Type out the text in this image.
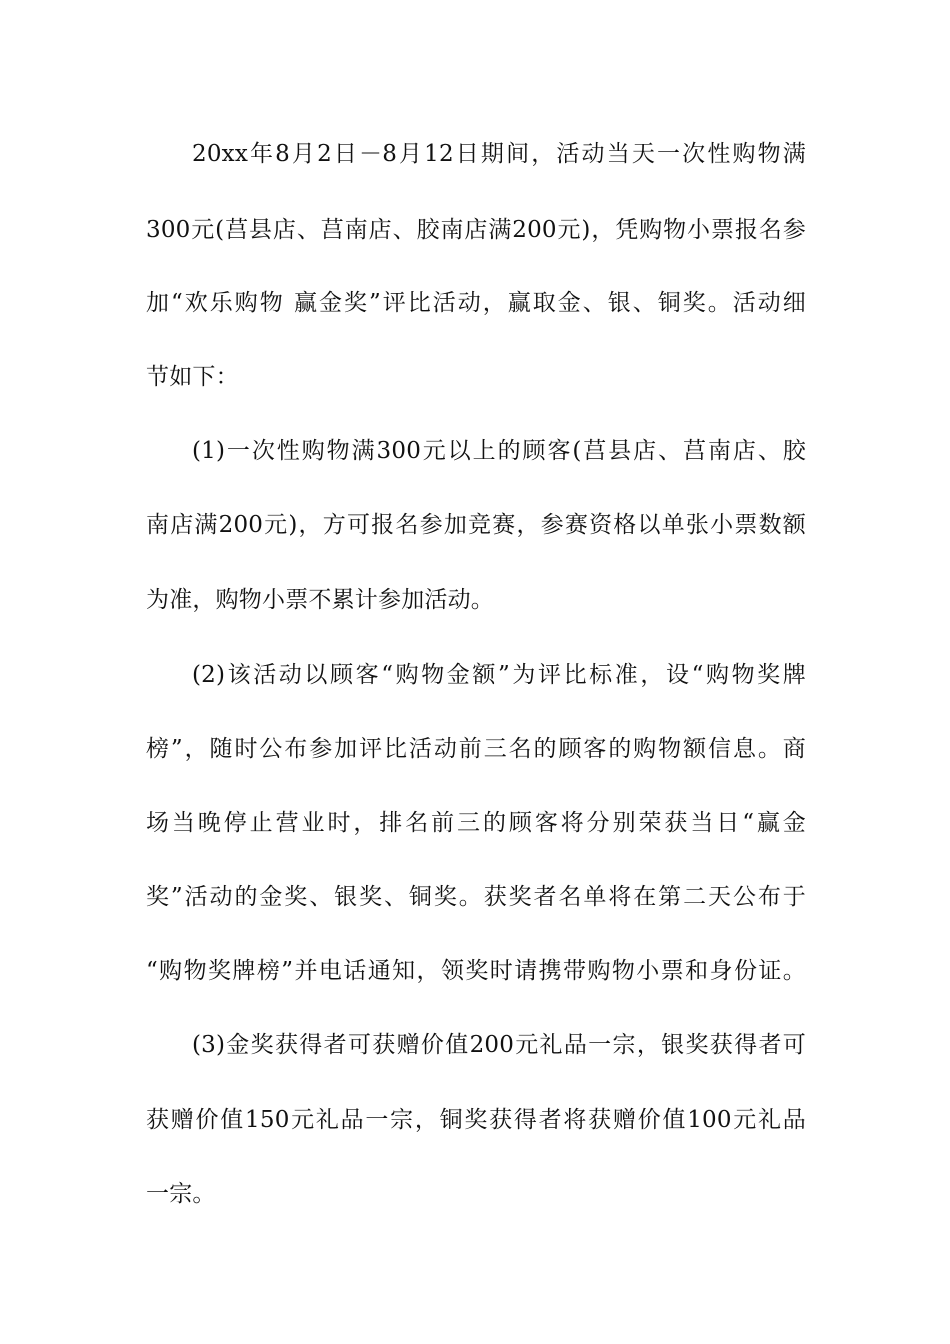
20xx年8月2日－8月12日期间，活动当天一次性购物满
300元(莒县店、莒南店、胶南店满200元)，凭购物小票报名参
加“欢乐购物 赢金奖”评比活动，赢取金、银、铜奖。活动细
节如下：
(1)一次性购物满300元以上的顾客(莒县店、莒南店、胶
南店满200元)，方可报名参加竞赛，参赛资格以单张小票数额
为准，购物小票不累计参加活动。
(2)该活动以顾客“购物金额”为评比标准，设“购物奖牌
榜”，随时公布参加评比活动前三名的顾客的购物额信息。商
场当晚停止营业时，排名前三的顾客将分别荣获当日“赢金
奖”活动的金奖、银奖、铜奖。获奖者名单将在第二天公布于
“购物奖牌榜”并电话通知，领奖时请携带购物小票和身份证。
(3)金奖获得者可获赠价值200元礼品一宗，银奖获得者可
获赠价值150元礼品一宗，铜奖获得者将获赠价值100元礼品
一宗。
